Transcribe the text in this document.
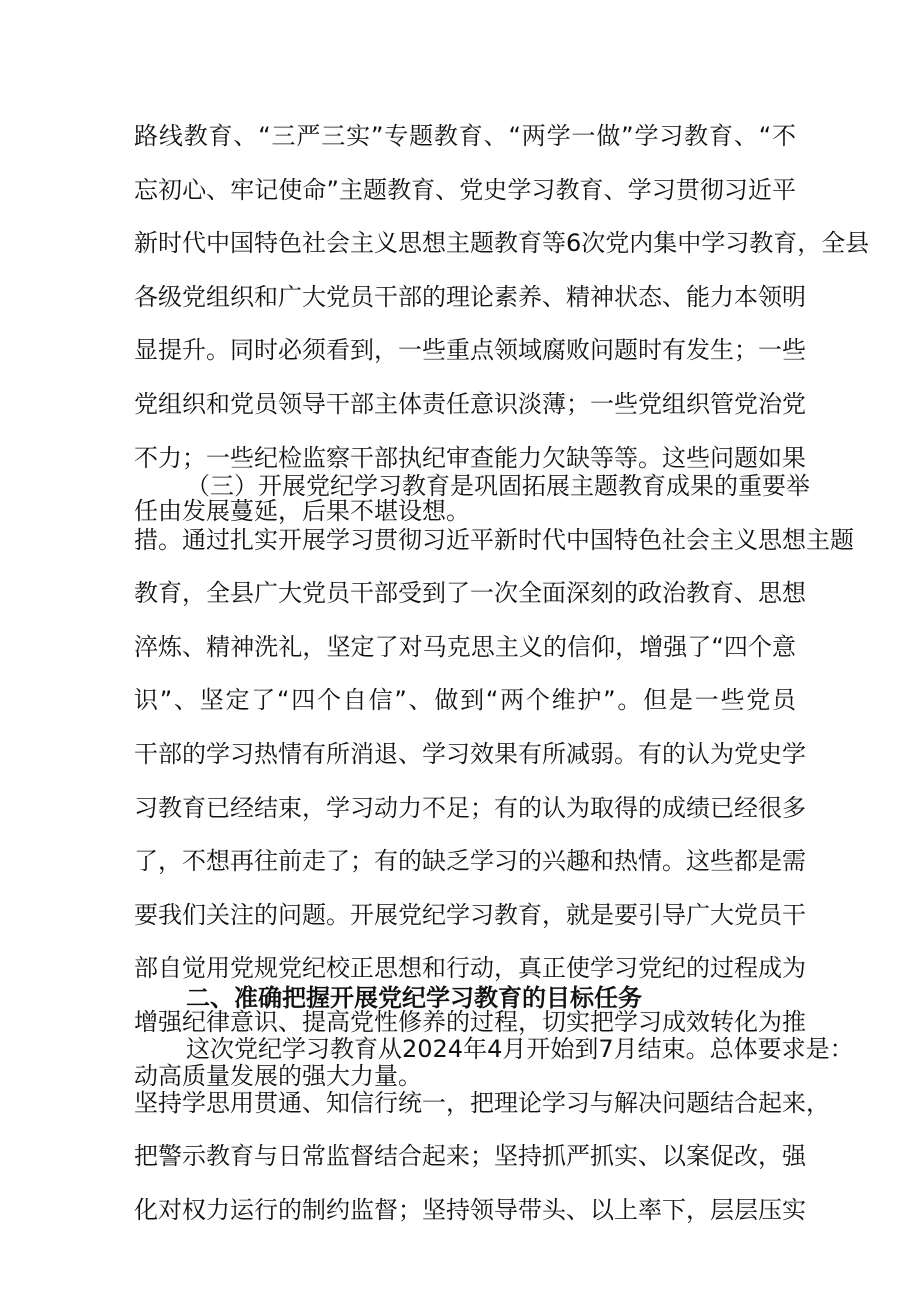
路线教育、“三严三实”专题教育、“两学一做”学习教育、“不
忘初心、牢记使命”主题教育、党史学习教育、学习贯彻习近平
新时代中国特色社会主义思想主题教育等6次党内集中学习教育，全县
各级党组织和广大党员干部的理论素养、精神状态、能力本领明
显提升。同时必须看到，一些重点领域腐败问题时有发生；一些
党组织和党员领导干部主体责任意识淡薄；一些党组织管党治党
不力；一些纪检监察干部执纪审查能力欠缺等等。这些问题如果
任由发展蔓延，后果不堪设想。
（三）开展党纪学习教育是巩固拓展主题教育成果的重要举
措。通过扎实开展学习贯彻习近平新时代中国特色社会主义思想主题
教育，全县广大党员干部受到了一次全面深刻的政治教育、思想
淬炼、精神洗礼，坚定了对马克思主义的信仰，增强了“四个意
识”、坚定了“四个自信”、做到“两个维护”。但是一些党员
干部的学习热情有所消退、学习效果有所减弱。有的认为党史学
习教育已经结束，学习动力不足；有的认为取得的成绩已经很多
了，不想再往前走了；有的缺乏学习的兴趣和热情。这些都是需
要我们关注的问题。开展党纪学习教育，就是要引导广大党员干
部自觉用党规党纪校正思想和行动，真正使学习党纪的过程成为
增强纪律意识、提高党性修养的过程，切实把学习成效转化为推
动高质量发展的强大力量。
二、准确把握开展党纪学习教育的目标任务
这次党纪学习教育从2024年4月开始到7月结束。总体要求是：
坚持学思用贯通、知信行统一，把理论学习与解决问题结合起来，
把警示教育与日常监督结合起来；坚持抓严抓实、以案促改，强
化对权力运行的制约监督；坚持领导带头、以上率下，层层压实
